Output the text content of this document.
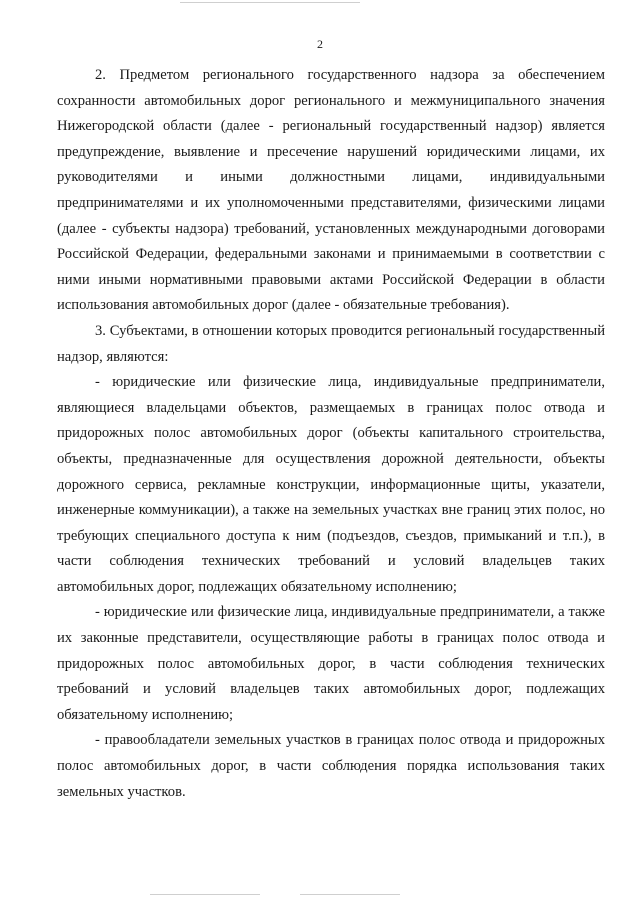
2

2. Предметом регионального государственного надзора за обеспечением сохранности автомобильных дорог регионального и межмуниципального значения Нижегородской области (далее - региональный государственный надзор) является предупреждение, выявление и пресечение нарушений юридическими лицами, их руководителями и иными должностными лицами, индивидуальными предпринимателями и их уполномоченными представителями, физическими лицами (далее - субъекты надзора) требований, установленных международными договорами Российской Федерации, федеральными законами и принимаемыми в соответствии с ними иными нормативными правовыми актами Российской Федерации в области использования автомобильных дорог (далее - обязательные требования).

3. Субъектами, в отношении которых проводится региональный государственный надзор, являются:

- юридические или физические лица, индивидуальные предприниматели, являющиеся владельцами объектов, размещаемых в границах полос отвода и придорожных полос автомобильных дорог (объекты капитального строительства, объекты, предназначенные для осуществления дорожной деятельности, объекты дорожного сервиса, рекламные конструкции, информационные щиты, указатели, инженерные коммуникации), а также на земельных участках вне границ этих полос, но требующих специального доступа к ним (подъездов, съездов, примыканий и т.п.), в части соблюдения технических требований и условий владельцев таких автомобильных дорог, подлежащих обязательному исполнению;

- юридические или физические лица, индивидуальные предприниматели, а также их законные представители, осуществляющие работы в границах полос отвода и придорожных полос автомобильных дорог, в части соблюдения технических требований и условий владельцев таких автомобильных дорог, подлежащих обязательному исполнению;

- правообладатели земельных участков в границах полос отвода и придорожных полос автомобильных дорог, в части соблюдения порядка использования таких земельных участков.
